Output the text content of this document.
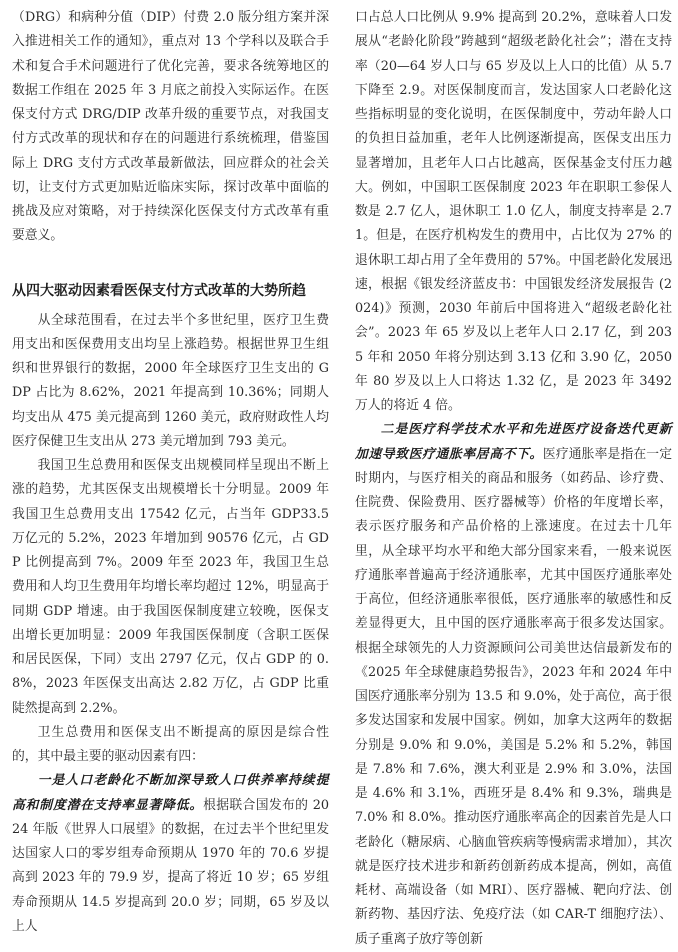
（DRG）和病种分值（DIP）付费 2.0 版分组方案并深入推进相关工作的通知》，重点对 13 个学科以及联合手术和复合手术问题进行了优化完善，要求各统筹地区的数据工作组在 2025 年 3 月底之前投入实际运作。在医保支付方式 DRG/DIP 改革升级的重要节点，对我国支付方式改革的现状和存在的问题进行系统梳理，借鉴国际上 DRG 支付方式改革最新做法，回应群众的社会关切，让支付方式更加贴近临床实际，探讨改革中面临的挑战及应对策略，对于持续深化医保支付方式改革有重要意义。

从四大驱动因素看医保支付方式改革的大势所趋

从全球范围看，在过去半个多世纪里，医疗卫生费用支出和医保费用支出均呈上涨趋势。根据世界卫生组织和世界银行的数据，2000 年全球医疗卫生支出的 GDP 占比为 8.62%，2021 年提高到 10.36%；同期人均支出从 475 美元提高到 1260 美元，政府财政性人均医疗保健卫生支出从 273 美元增加到 793 美元。

我国卫生总费用和医保支出规模同样呈现出不断上涨的趋势，尤其医保支出规模增长十分明显。2009 年我国卫生总费用支出 17542 亿元，占当年 GDP33.5 万亿元的 5.2%，2023 年增加到 90576 亿元，占 GDP 比例提高到 7%。2009 年至 2023 年，我国卫生总费用和人均卫生费用年均增长率均超过 12%，明显高于同期 GDP 增速。由于我国医保制度建立较晚，医保支出增长更加明显：2009 年我国医保制度（含职工医保和居民医保，下同）支出 2797 亿元，仅占 GDP 的 0.8%，2023 年医保支出高达 2.82 万亿，占 GDP 比重陡然提高到 2.2%。

卫生总费用和医保支出不断提高的原因是综合性的，其中最主要的驱动因素有四：

一是人口老龄化不断加深导致人口供养率持续提高和制度潜在支持率显著降低。根据联合国发布的 2024 年版《世界人口展望》的数据，在过去半个世纪里发达国家人口的零岁组寿命预期从 1970 年的 70.6 岁提高到 2023 年的 79.9 岁，提高了将近 10 岁；65 岁组寿命预期从 14.5 岁提高到 20.0 岁；同期，65 岁及以上人

口占总人口比例从 9.9% 提高到 20.2%，意味着人口发展从“老龄化阶段”跨越到“超级老龄化社会”；潜在支持率（20—64 岁人口与 65 岁及以上人口的比值）从 5.7 下降至 2.9。对医保制度而言，发达国家人口老龄化这些指标明显的变化说明，在医保制度中，劳动年龄人口的负担日益加重，老年人比例逐渐提高，医保支出压力显著增加，且老年人口占比越高，医保基金支付压力越大。例如，中国职工医保制度 2023 年在职职工参保人数是 2.7 亿人，退休职工 1.0 亿人，制度支持率是 2.71。但是，在医疗机构发生的费用中，占比仅为 27% 的退休职工却占用了全年费用的 57%。中国老龄化发展迅速，根据《银发经济蓝皮书：中国银发经济发展报告 (2024)》预测，2030 年前后中国将进入“超级老龄化社会”。2023 年 65 岁及以上老年人口 2.17 亿，到 2035 年和 2050 年将分别达到 3.13 亿和 3.90 亿，2050 年 80 岁及以上人口将达 1.32 亿，是 2023 年 3492 万人的将近 4 倍。

二是医疗科学技术水平和先进医疗设备迭代更新加速导致医疗通胀率居高不下。医疗通胀率是指在一定时期内，与医疗相关的商品和服务（如药品、诊疗费、住院费、保险费用、医疗器械等）价格的年度增长率，表示医疗服务和产品价格的上涨速度。在过去十几年里，从全球平均水平和绝大部分国家来看，一般来说医疗通胀率普遍高于经济通胀率，尤其中国医疗通胀率处于高位，但经济通胀率很低，医疗通胀率的敏感性和反差显得更大，且中国的医疗通胀率高于很多发达国家。根据全球领先的人力资源顾问公司美世达信最新发布的《2025 年全球健康趋势报告》，2023 年和 2024 年中国医疗通胀率分别为 13.5 和 9.0%，处于高位，高于很多发达国家和发展中国家。例如，加拿大这两年的数据分别是 9.0% 和 9.0%，美国是 5.2% 和 5.2%，韩国是 7.8% 和 7.6%，澳大利亚是 2.9% 和 3.0%，法国是 4.6% 和 3.1%，西班牙是 8.4% 和 9.3%，瑞典是 7.0% 和 8.0%。推动医疗通胀率高企的因素首先是人口老龄化（糖尿病、心脑血管疾病等慢病需求增加），其次就是医疗技术进步和新药创新药成本提高，例如，高值耗材、高端设备（如 MRI）、医疗器械、靶向疗法、创新药物、基因疗法、免疫疗法（如 CAR-T 细胞疗法）、质子重离子放疗等创新
